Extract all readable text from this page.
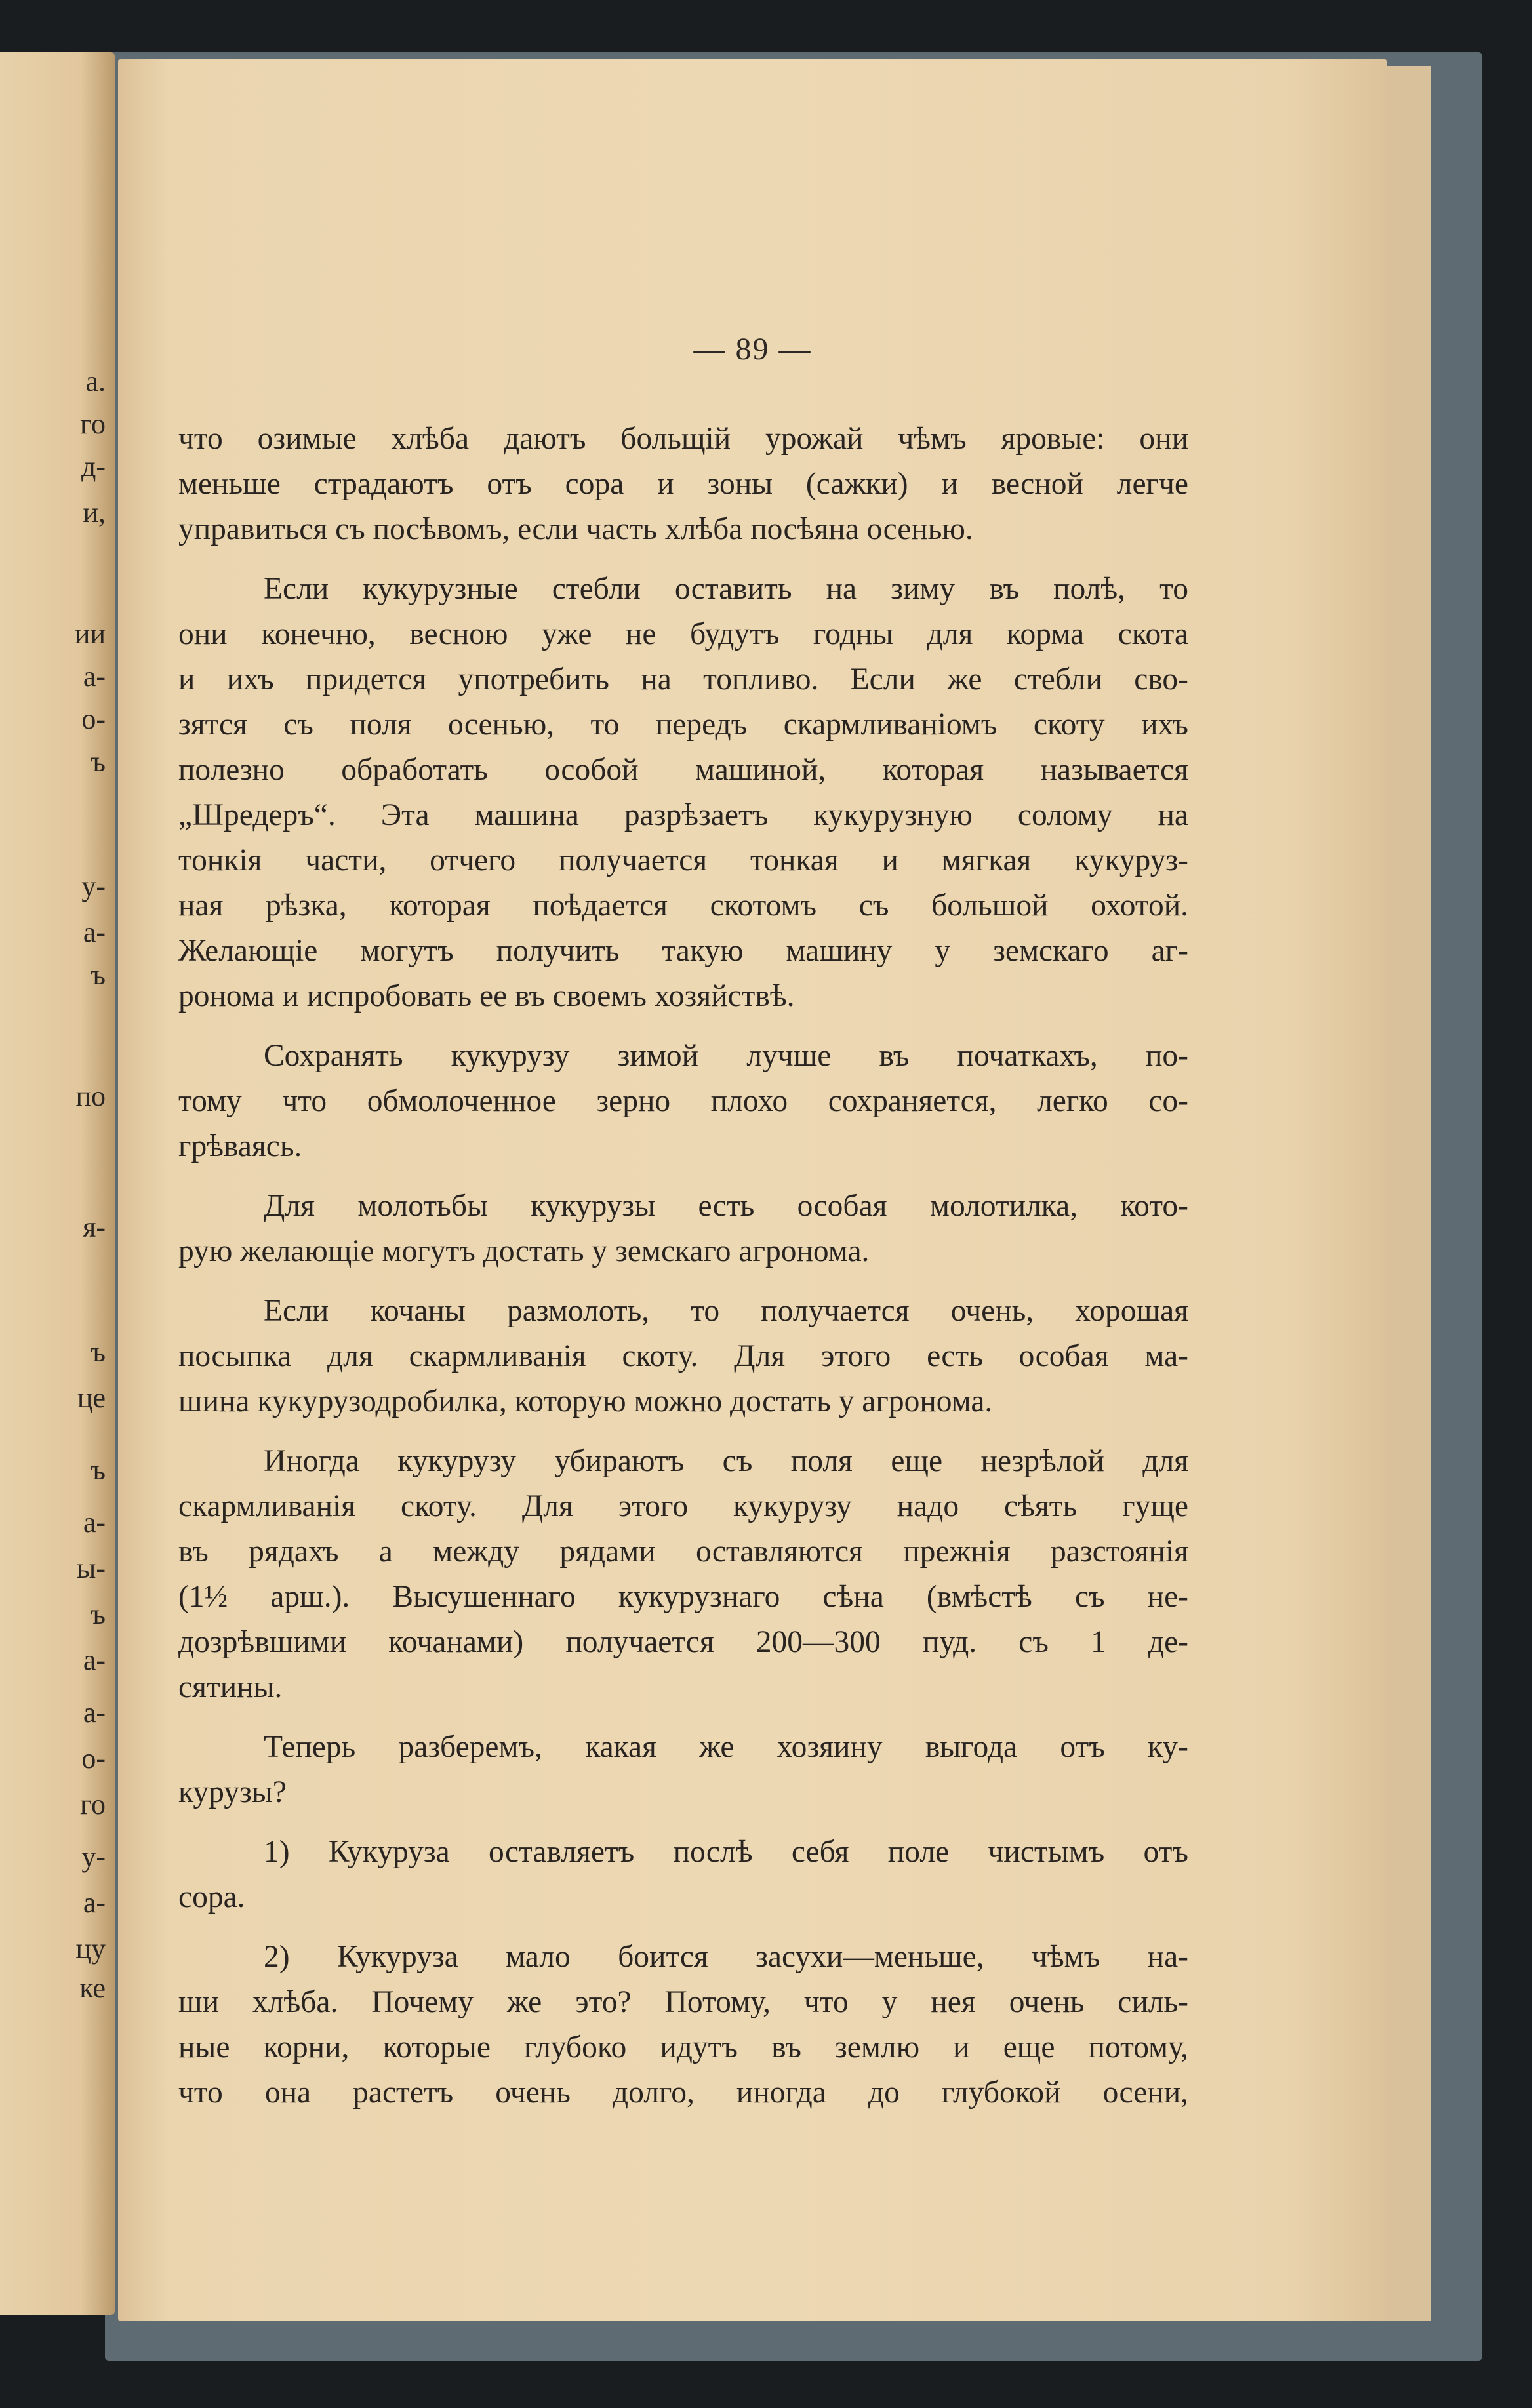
а.
го
д-
и,
ии
а-
о-
ъ
у-
а-
ъ
по
я-
ъ
це
ъ
а-
ы-
ъ
а-
а-
о-
го
у-
а-
цу
ке
— 89 —
что озимые хлѣба даютъ больщій урожай чѣмъ яровые: они
меньше страдаютъ отъ сора и зоны (сажки) и весной легче
управиться съ посѣвомъ, если часть хлѣба посѣяна осенью.
Если кукурузные стебли оставить на зиму въ полѣ, то
они конечно, весною уже не будутъ годны для корма скота
и ихъ придется употребить на топливо. Если же стебли сво-
зятся съ поля осенью, то передъ скармливаніомъ скоту ихъ
полезно обработать особой машиной, которая называется
„Шредеръ“. Эта машина разрѣзаетъ кукурузную солому на
тонкія части, отчего получается тонкая и мягкая кукуруз-
ная рѣзка, которая поѣдается скотомъ съ большой охотой.
Желающіе могутъ получить такую машину у земскаго аг-
ронома и испробовать ее въ своемъ хозяйствѣ.
Сохранять кукурузу зимой лучше въ початкахъ, по-
тому что обмолоченное зерно плохо сохраняется, легко со-
грѣваясь.
Для молотьбы кукурузы есть особая молотилка, кото-
рую желающіе могутъ достать у земскаго агронома.
Если кочаны размолоть, то получается очень, хорошая
посыпка для скармливанія скоту. Для этого есть особая ма-
шина кукурузодробилка, которую можно достать у агронома.
Иногда кукурузу убираютъ съ поля еще незрѣлой для
скармливанія скоту. Для этого кукурузу надо сѣять гуще
въ рядахъ а между рядами оставляются прежнія разстоянія
(1½ арш.). Высушеннаго кукурузнаго сѣна (вмѣстѣ съ не-
дозрѣвшими кочанами) получается 200—300 пуд. съ 1 де-
сятины.
Теперь разберемъ, какая же хозяину выгода отъ ку-
курузы?
1) Кукуруза оставляетъ послѣ себя поле чистымъ отъ
сора.
2) Кукуруза мало боится засухи—меньше, чѣмъ на-
ши хлѣба. Почему же это? Потому, что у нея очень силь-
ные корни, которые глубоко идутъ въ землю и еще потому,
что она растетъ очень долго, иногда до глубокой осени,
